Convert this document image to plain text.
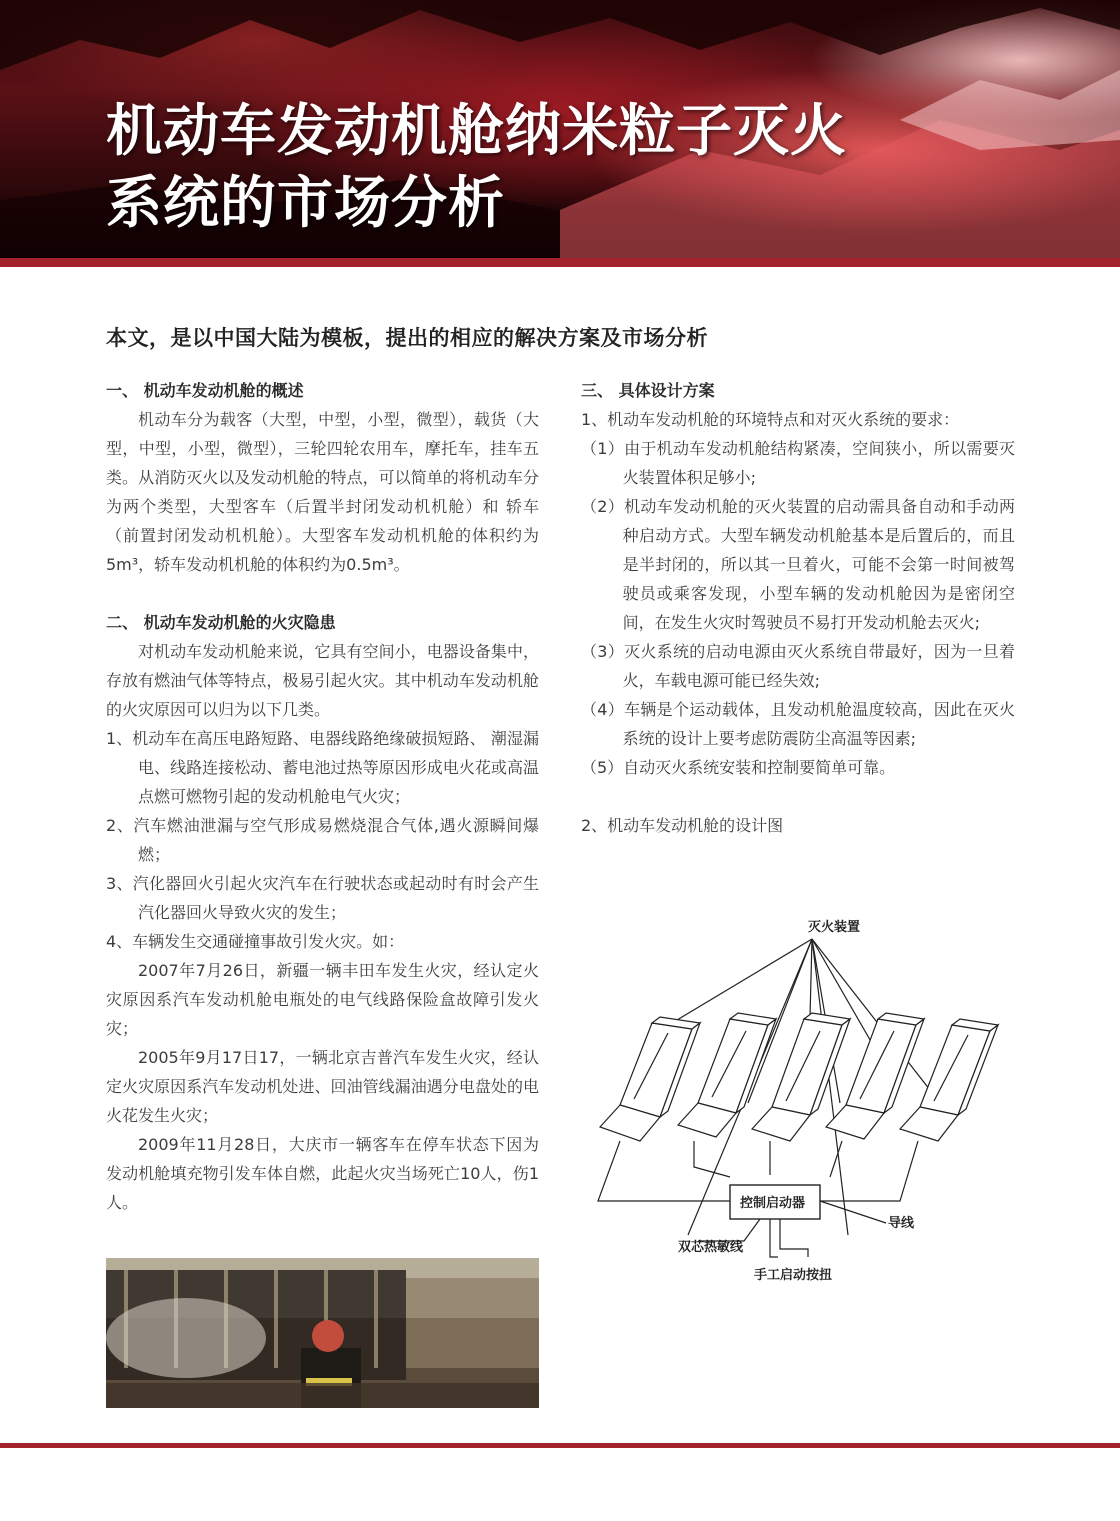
机动车发动机舱纳米粒子灭火
系统的市场分析
本文，是以中国大陆为模板，提出的相应的解决方案及市场分析

一、 机动车发动机舱的概述

机动车分为载客（大型，中型，小型，微型），载货（大型，中型，小型，微型），三轮四轮农用车，摩托车，挂车五类。从消防灭火以及发动机舱的特点，可以简单的将机动车分为两个类型，大型客车（后置半封闭发动机机舱）和 轿车（前置封闭发动机机舱）。大型客车发动机机舱的体积约为5m³，轿车发动机机舱的体积约为0.5m³。

二、 机动车发动机舱的火灾隐患

对机动车发动机舱来说，它具有空间小，电器设备集中，存放有燃油气体等特点，极易引起火灾。其中机动车发动机舱的火灾原因可以归为以下几类。

1、机动车在高压电路短路、电器线路绝缘破损短路、 潮湿漏电、线路连接松动、蓄电池过热等原因形成电火花或高温点燃可燃物引起的发动机舱电气火灾；

2、汽车燃油泄漏与空气形成易燃烧混合气体,遇火源瞬间爆燃；

3、汽化器回火引起火灾汽车在行驶状态或起动时有时会产生汽化器回火导致火灾的发生；

4、车辆发生交通碰撞事故引发火灾。如：

2007年7月26日，新疆一辆丰田车发生火灾，经认定火灾原因系汽车发动机舱电瓶处的电气线路保险盒故障引发火灾；

2005年9月17日17，一辆北京吉普汽车发生火灾，经认定火灾原因系汽车发动机处进、回油管线漏油遇分电盘处的电火花发生火灾；

2009年11月28日，大庆市一辆客车在停车状态下因为发动机舱填充物引发车体自燃，此起火灾当场死亡10人，伤1人。

三、 具体设计方案

1、机动车发动机舱的环境特点和对灭火系统的要求：

（1）由于机动车发动机舱结构紧凑，空间狭小，所以需要灭火装置体积足够小;

（2）机动车发动机舱的灭火装置的启动需具备自动和手动两种启动方式。大型车辆发动机舱基本是后置后的，而且是半封闭的，所以其一旦着火，可能不会第一时间被驾驶员或乘客发现，小型车辆的发动机舱因为是密闭空间，在发生火灾时驾驶员不易打开发动机舱去灭火;

（3）灭火系统的启动电源由灭火系统自带最好，因为一旦着火，车载电源可能已经失效;

（4）车辆是个运动载体，且发动机舱温度较高，因此在灭火系统的设计上要考虑防震防尘高温等因素;

（5）自动灭火系统安装和控制要简单可靠。

2、机动车发动机舱的设计图

灭火装置
控制启动器
导线
双芯热敏线
手工启动按扭
